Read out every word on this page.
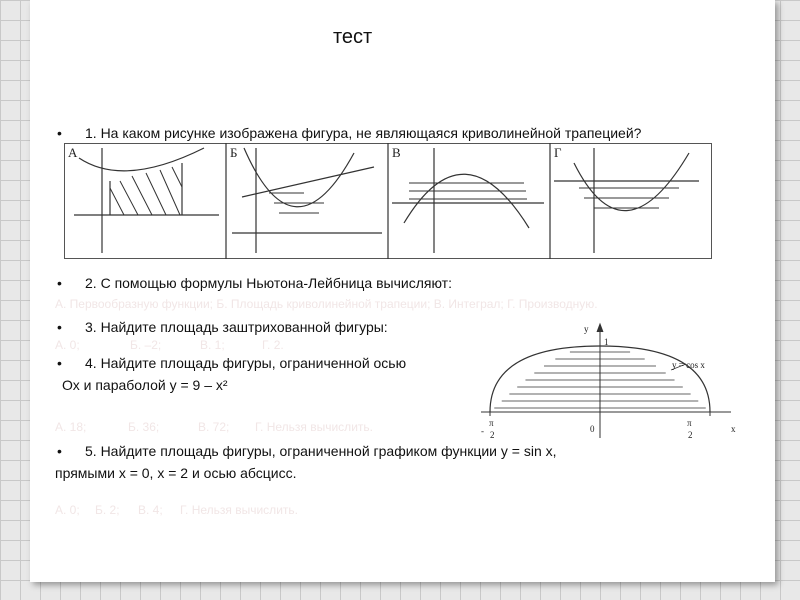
тест
• 1. На каком рисунке изображена фигура, не являющаяся криволинейной трапецией?
А	Б	В	Г
• 2. С помощью формулы Ньютона-Лейбница вычисляют:
А. Первообразную функции; Б. Площадь криволинейной трапеции; В. Интеграл; Г. Производную.
• 3. Найдите площадь заштрихованной фигуры:
А. 0;	Б. –2;	В. 1;	Г. 2.
• 4. Найдите площадь фигуры, ограниченной осью
Ох и параболой у = 9 – х²
А. 18;	Б. 36;	В. 72; Г. Нельзя вычислить.
• 5. Найдите площадь фигуры, ограниченной графиком функции у = sin x,
прямыми х = 0, х = 2 и осью абсцисс.
А. 0; Б. 2; В. 4; Г. Нельзя вычислить.
y
1
y = cos x
0	x
π
- 2
π
2
